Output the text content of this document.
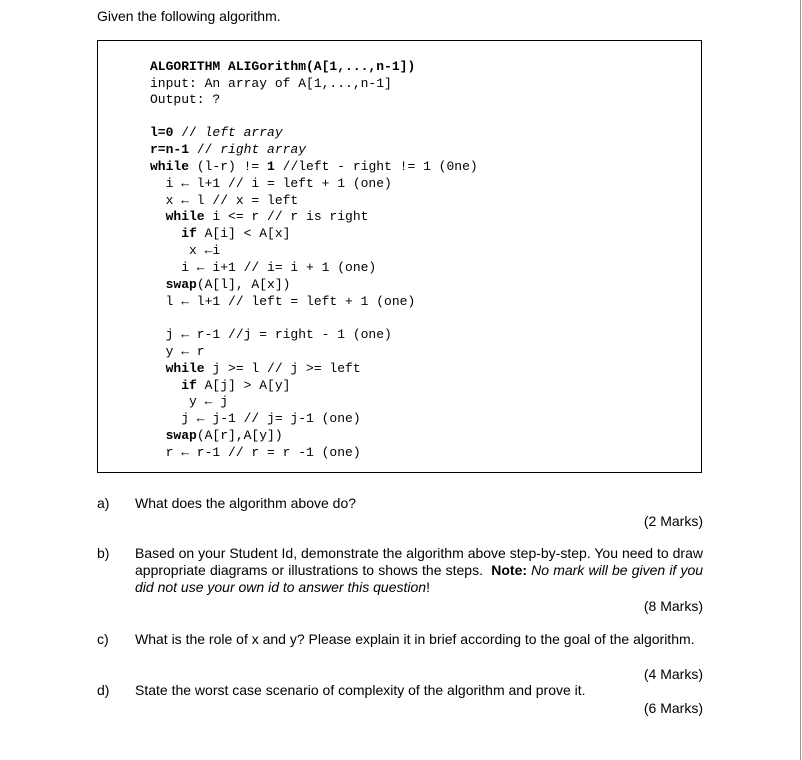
Given the following algorithm.
ALGORITHM ALIGorithm(A[1,...,n-1])
input: An array of A[1,...,n-1]
Output: ?
l=0 // left array
r=n-1 // right array
while (l-r) != 1 //left - right != 1 (0ne)
i ← l+1 // i = left + 1 (one)
x ← l // x = left
while i <= r // r is right
if A[i] < A[x]
x ←i
i ← i+1 // i= i + 1 (one)
swap(A[l], A[x])
l ← l+1 // left = left + 1 (one)
j ← r-1 //j = right - 1 (one)
y ← r
while j >= l // j >= left
if A[j] > A[y]
y ← j
j ← j-1 // j= j-1 (one)
swap(A[r],A[y])
r ← r-1 // r = r -1 (one)
a) What does the algorithm above do?
(2 Marks)
b) Based on your Student Id, demonstrate the algorithm above step-by-step. You need to draw appropriate diagrams or illustrations to shows the steps. Note: No mark will be given if you did not use your own id to answer this question!
(8 Marks)
c) What is the role of x and y? Please explain it in brief according to the goal of the algorithm.
(4 Marks)
d) State the worst case scenario of complexity of the algorithm and prove it.
(6 Marks)
